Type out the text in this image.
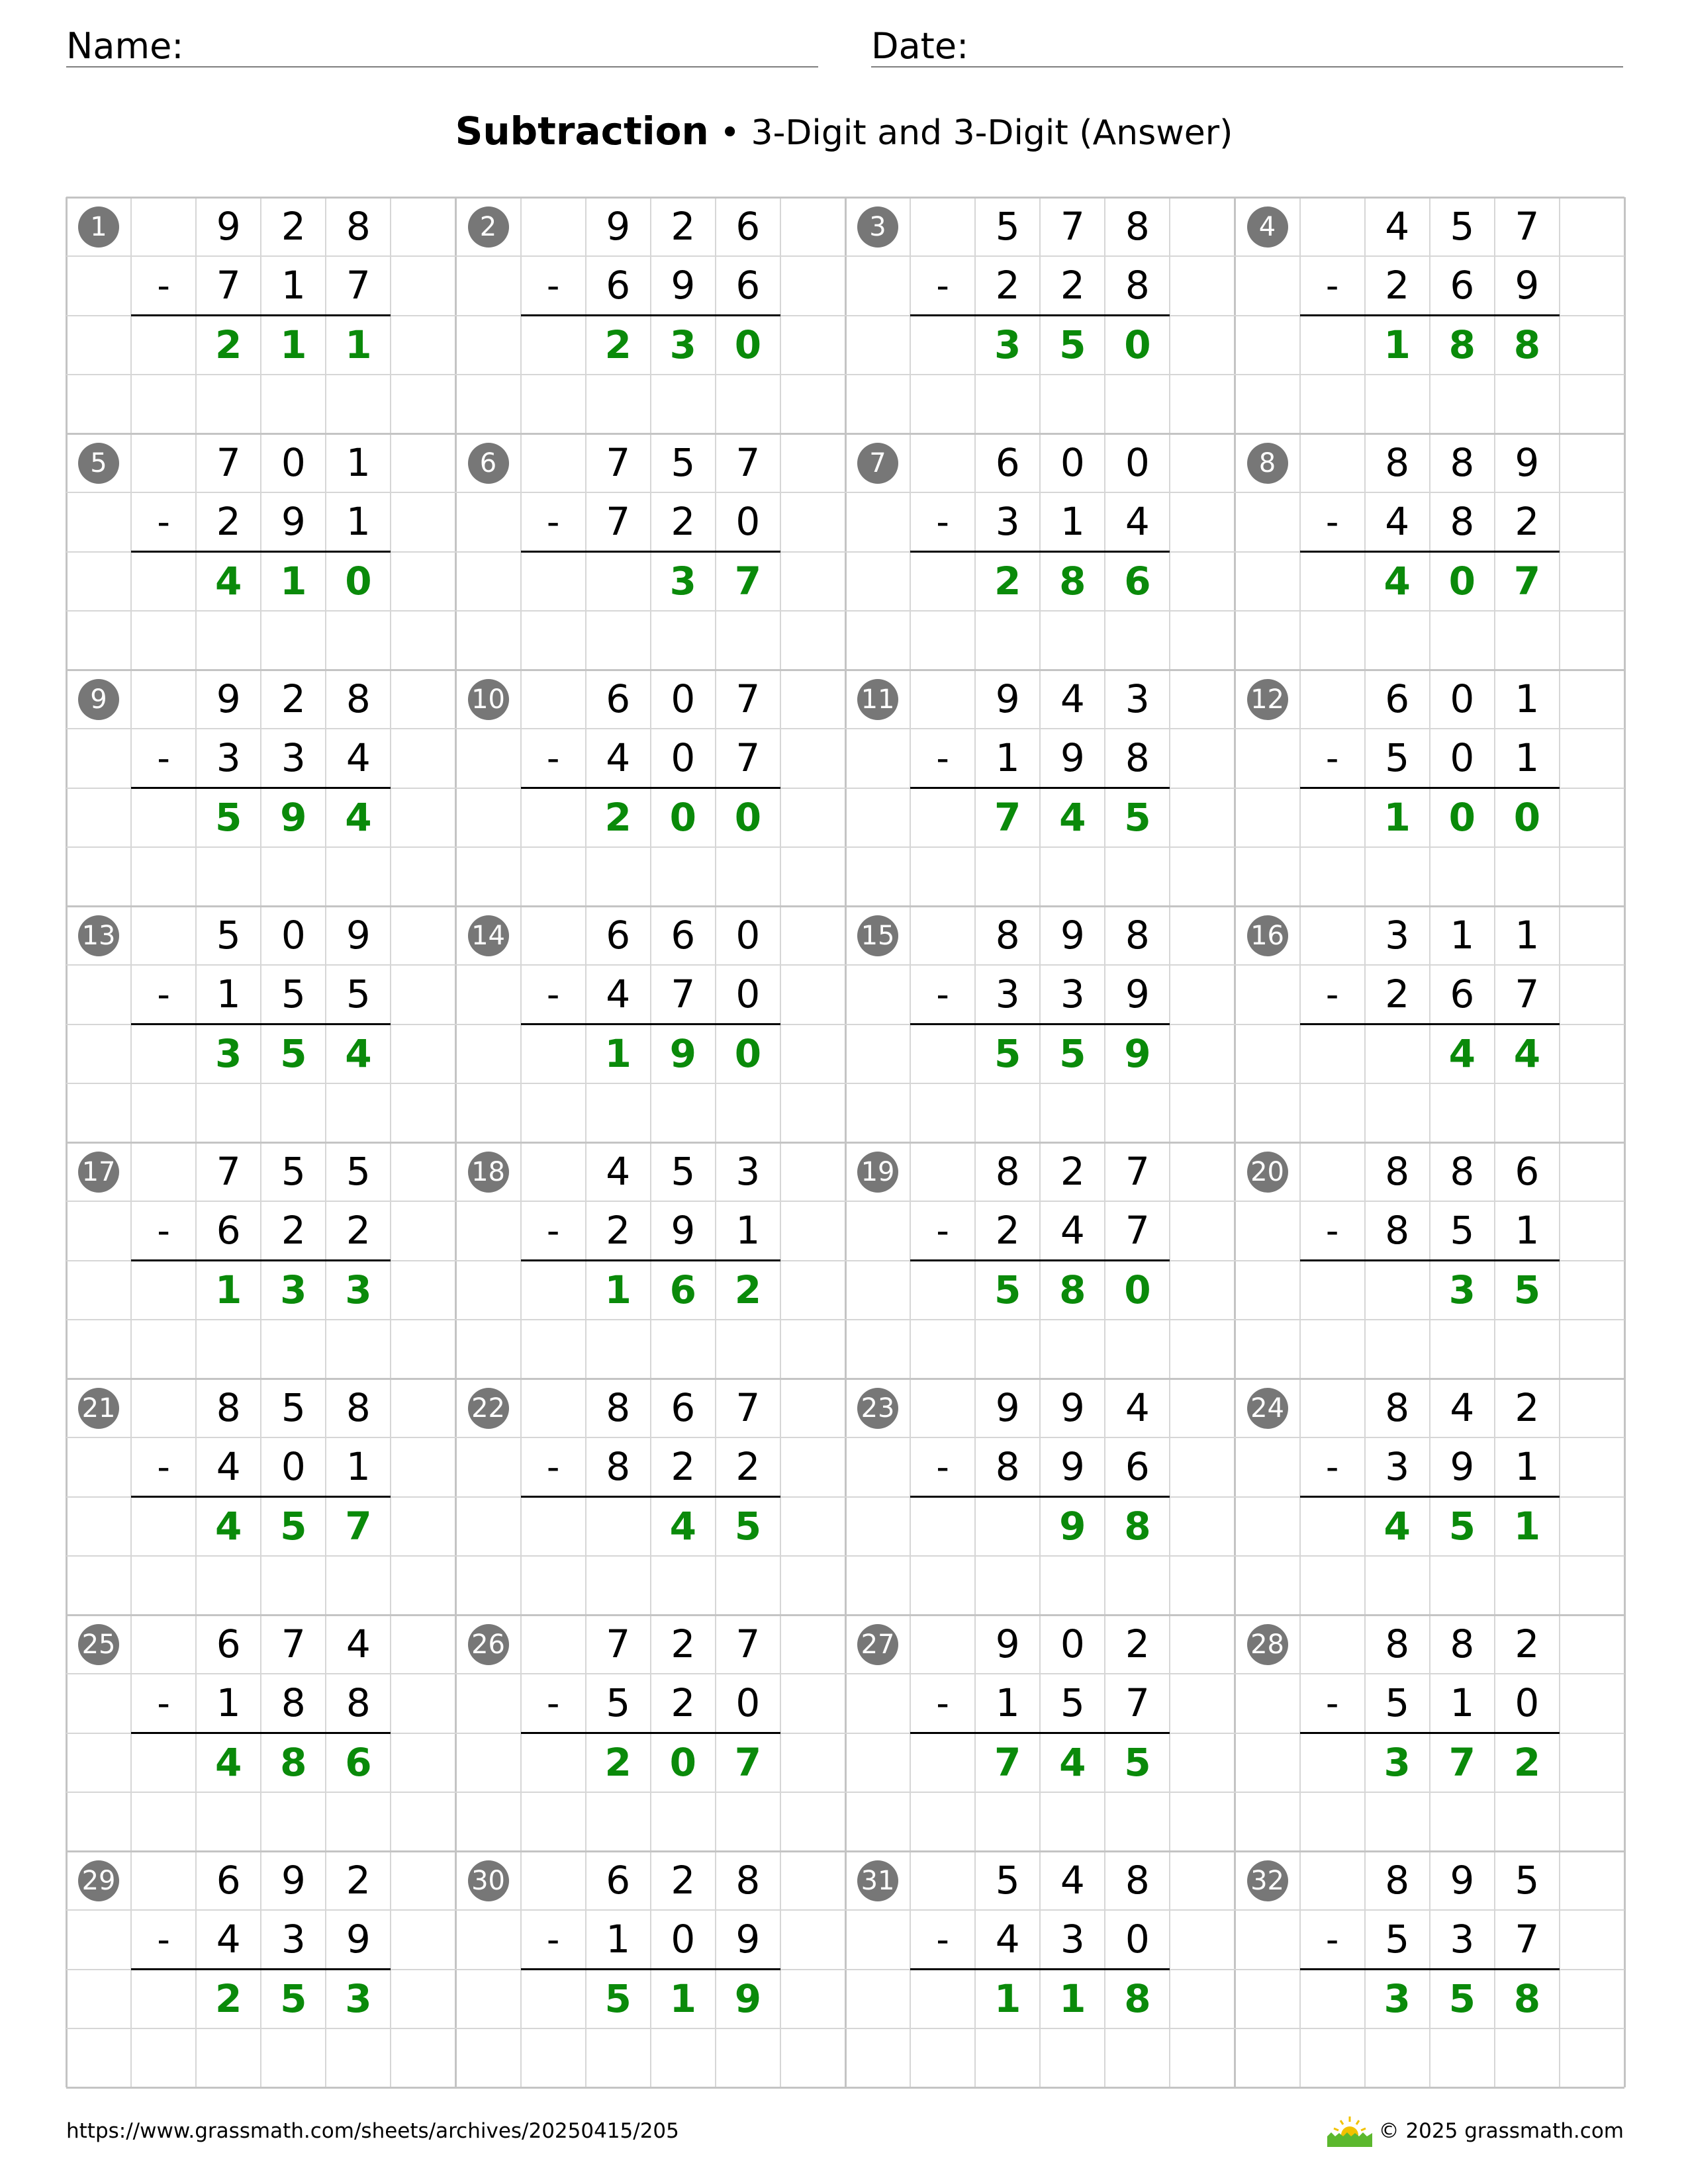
Name:	Date:
Subtraction • 3-Digit and 3-Digit (Answer)
1	9	2	8
-	7	1	7
2 1 1
2	9	2	6
-	6	9	6
2 3 0
3	5	7	8
-	2	2	8
3 5 0
4	4	5	7
-	2	6	9
1 8 8
5	7	0	1
-	2	9	1
4 1 0
6	7	5	7
-	7	2	0
3 7
7	6	0	0
-	3	1	4
2 8 6
8	8	8	9
-	4	8	2
4 0 7
9	9	2	8
-	3	3	4
5 9 4
10	6	0	7
-	4	0	7
2 0 0
11	9	4	3
-	1	9	8
7 4 5
12	6	0	1
-	5	0	1
1 0 0
13	5	0	9
-	1	5	5
3 5 4
14	6	6	0
-	4	7	0
1 9 0
15	8	9	8
-	3	3	9
5 5 9
16	3	1	1
-	2	6	7
4 4
17	7	5	5
-	6	2	2
1 3 3
18	4	5	3
-	2	9	1
1 6 2
19	8	2	7
-	2	4	7
5 8 0
20	8	8	6
-	8	5	1
3 5
21	8	5	8
-	4	0	1
4 5 7
22	8	6	7
-	8	2	2
4 5
23	9	9	4
-	8	9	6
9 8
24	8	4	2
-	3	9	1
4 5 1
25	6	7	4
-	1	8	8
4 8 6
26	7	2	7
-	5	2	0
2 0 7
27	9	0	2
-	1	5	7
7 4 5
28	8	8	2
-	5	1	0
3 7 2
29	6	9	2
-	4	3	9
2 5 3
30	6	2	8
-	1	0	9
5 1 9
31	5	4	8
-	4	3	0
1 1 8
32	8	9	5
-	5	3	7
3 5 8
https://www.grassmath.com/sheets/archives/20250415/205	© 2025 grassmath.com
